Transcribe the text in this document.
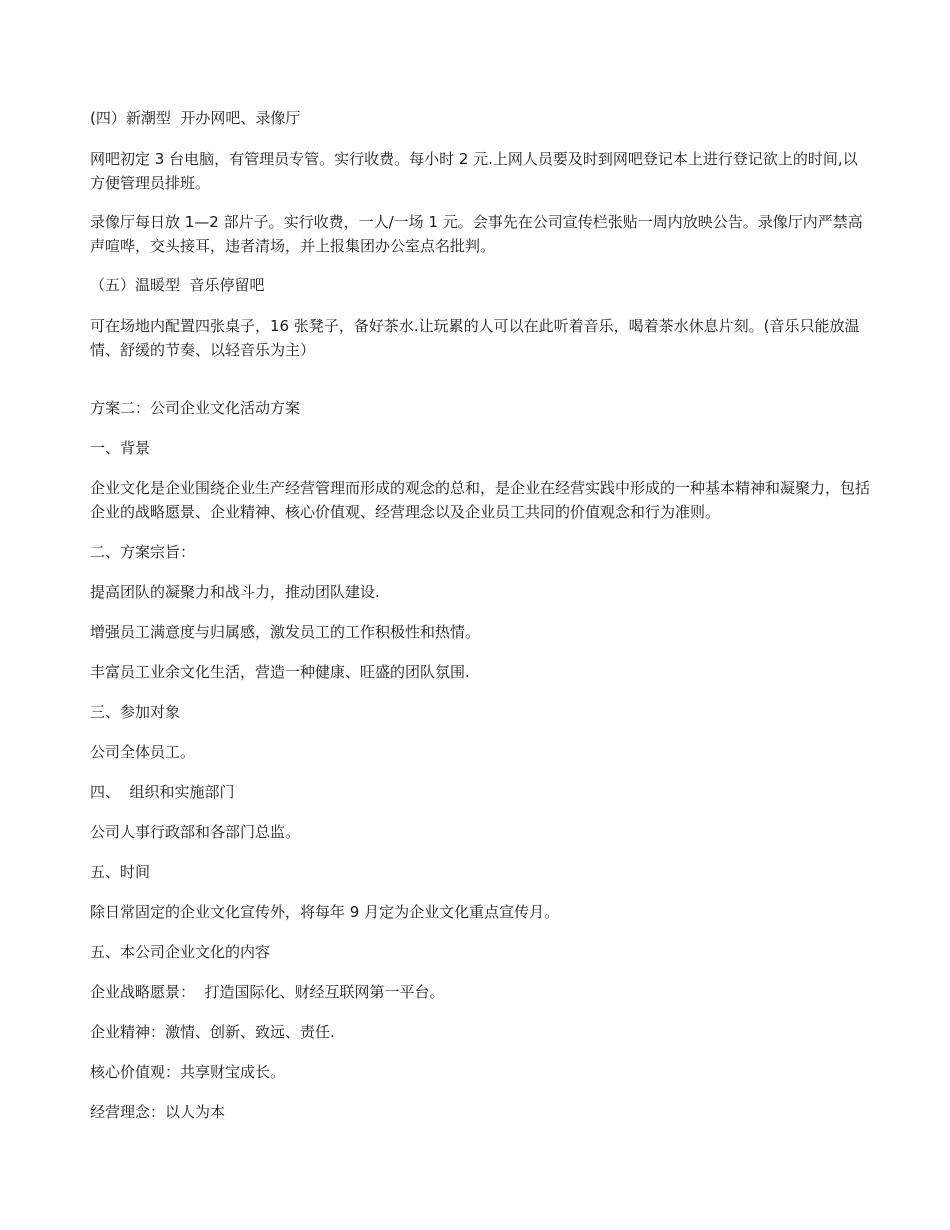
(四）新潮型  开办网吧、录像厅

网吧初定 3 台电脑，有管理员专管。实行收费。每小时 2 元.上网人员要及时到网吧登记本上进行登记欲上的时间,以方便管理员排班。

录像厅每日放 1—2 部片子。实行收费，一人/一场 1 元。会事先在公司宣传栏张贴一周内放映公告。录像厅内严禁高声喧哗，交头接耳，违者清场，并上报集团办公室点名批判。

（五）温暖型  音乐停留吧

可在场地内配置四张桌子，16 张凳子，备好茶水.让玩累的人可以在此听着音乐，喝着茶水休息片刻。(音乐只能放温情、舒缓的节奏、以轻音乐为主）

方案二：公司企业文化活动方案

一、背景

企业文化是企业围绕企业生产经营管理而形成的观念的总和，是企业在经营实践中形成的一种基本精神和凝聚力，包括企业的战略愿景、企业精神、核心价值观、经营理念以及企业员工共同的价值观念和行为准则。

二、方案宗旨：

提高团队的凝聚力和战斗力，推动团队建设.

增强员工满意度与归属感，激发员工的工作积极性和热情。

丰富员工业余文化生活，营造一种健康、旺盛的团队氛围.

三、参加对象

公司全体员工。

四、  组织和实施部门

公司人事行政部和各部门总监。

五、时间

除日常固定的企业文化宣传外，将每年 9 月定为企业文化重点宣传月。

五、本公司企业文化的内容

企业战略愿景：  打造国际化、财经互联网第一平台。

企业精神：激情、创新、致远、责任.

核心价值观：共享财宝成长。

经营理念：以人为本
